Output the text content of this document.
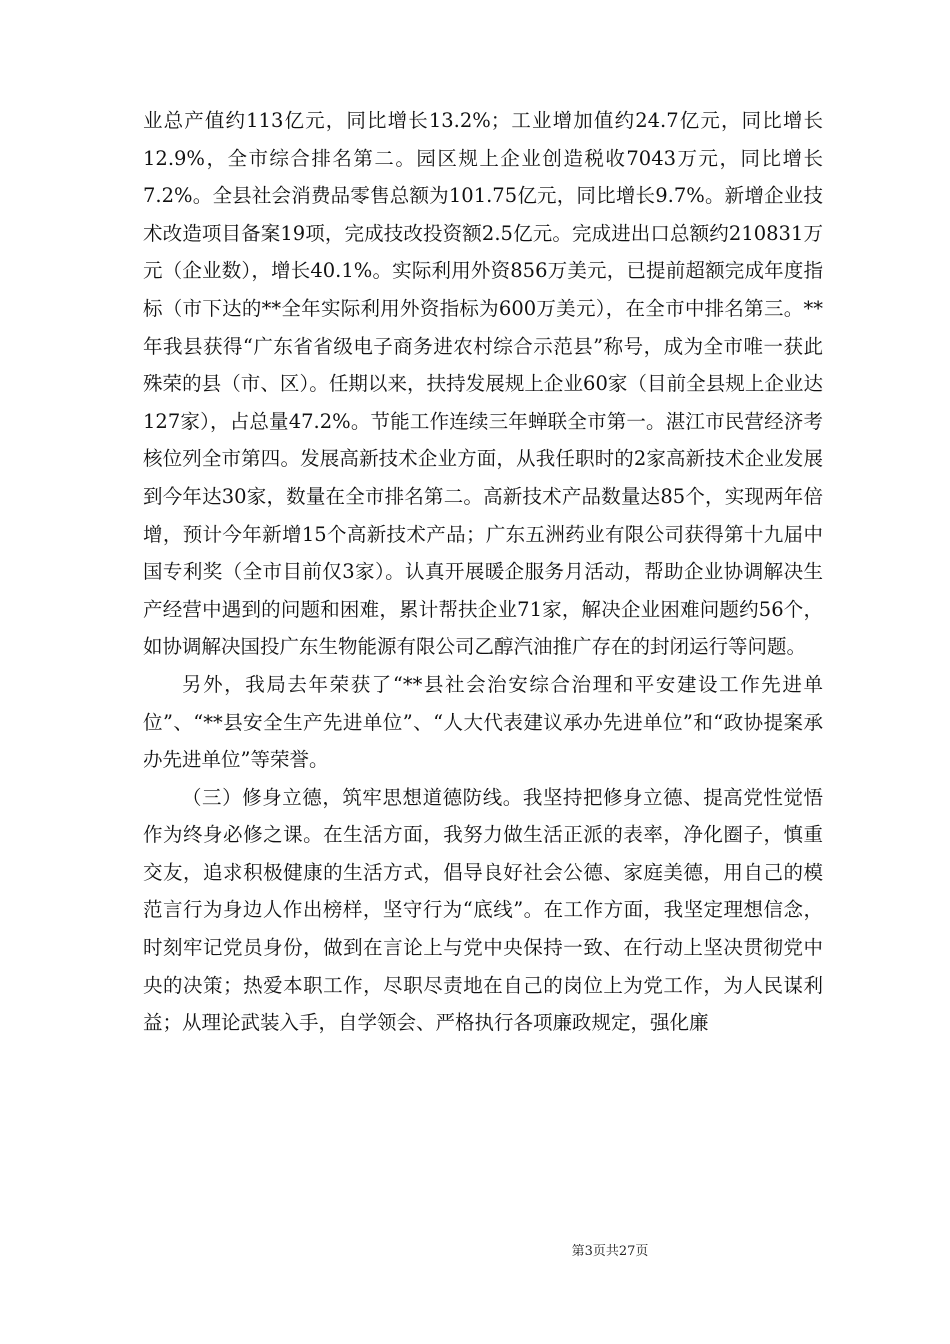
业总产值约113亿元，同比增长13.2%；工业增加值约24.7亿元，同比增长12.9%，全市综合排名第二。园区规上企业创造税收7043万元，同比增长7.2%。全县社会消费品零售总额为101.75亿元，同比增长9.7%。新增企业技术改造项目备案19项，完成技改投资额2.5亿元。完成进出口总额约210831万元（企业数），增长40.1%。实际利用外资856万美元，已提前超额完成年度指标（市下达的**全年实际利用外资指标为600万美元），在全市中排名第三。**年我县获得“广东省省级电子商务进农村综合示范县”称号，成为全市唯一获此殊荣的县（市、区）。任期以来，扶持发展规上企业60家（目前全县规上企业达127家），占总量47.2%。节能工作连续三年蝉联全市第一。湛江市民营经济考核位列全市第四。发展高新技术企业方面，从我任职时的2家高新技术企业发展到今年达30家，数量在全市排名第二。高新技术产品数量达85个，实现两年倍增，预计今年新增15个高新技术产品；广东五洲药业有限公司获得第十九届中国专利奖（全市目前仅3家）。认真开展暖企服务月活动，帮助企业协调解决生产经营中遇到的问题和困难，累计帮扶企业71家，解决企业困难问题约56个，如协调解决国投广东生物能源有限公司乙醇汽油推广存在的封闭运行等问题。

另外，我局去年荣获了“**县社会治安综合治理和平安建设工作先进单位”、“**县安全生产先进单位”、“人大代表建议承办先进单位”和“政协提案承办先进单位”等荣誉。

（三）修身立德，筑牢思想道德防线。我坚持把修身立德、提高党性觉悟作为终身必修之课。在生活方面，我努力做生活正派的表率，净化圈子，慎重交友，追求积极健康的生活方式，倡导良好社会公德、家庭美德，用自己的模范言行为身边人作出榜样，坚守行为“底线”。在工作方面，我坚定理想信念，时刻牢记党员身份，做到在言论上与党中央保持一致、在行动上坚决贯彻党中央的决策；热爱本职工作，尽职尽责地在自己的岗位上为党工作，为人民谋利益；从理论武装入手，自学领会、严格执行各项廉政规定，强化廉

第3页共27页
